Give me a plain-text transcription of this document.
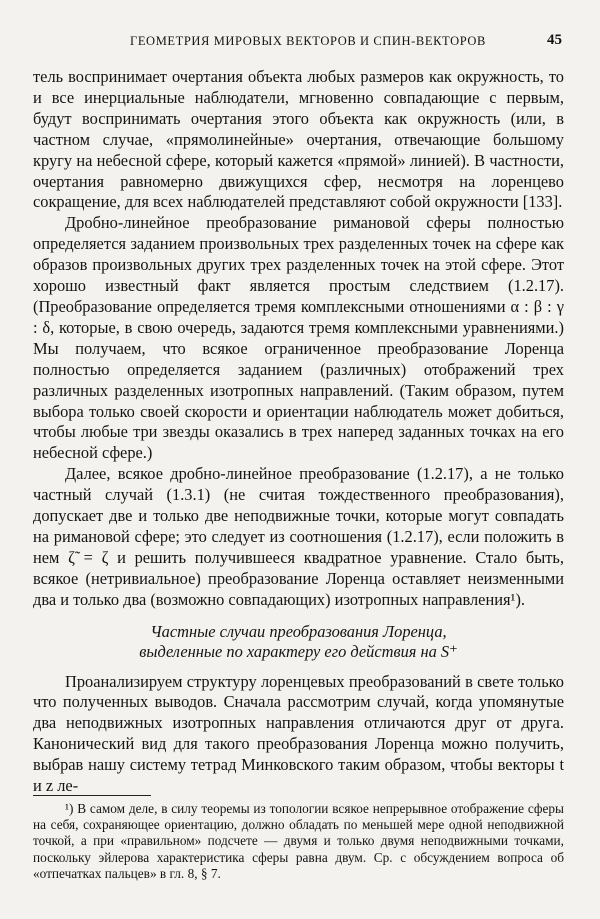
ГЕОМЕТРИЯ МИРОВЫХ ВЕКТОРОВ И СПИН-ВЕКТОРОВ	45

тель воспринимает очертания объекта любых размеров как окружность, то и все инерциальные наблюдатели, мгновенно совпадающие с первым, будут воспринимать очертания этого объекта как окружность (или, в частном случае, «прямолинейные» очертания, отвечающие большому кругу на небесной сфере, который кажется «прямой» линией). В частности, очертания равномерно движущихся сфер, несмотря на лоренцево сокращение, для всех наблюдателей представляют собой окружности [133].

Дробно-линейное преобразование римановой сферы полностью определяется заданием произвольных трех разделенных точек на сфере как образов произвольных других трех разделенных точек на этой сфере. Этот хорошо известный факт является простым следствием (1.2.17). (Преобразование определяется тремя комплексными отношениями α : β : γ : δ, которые, в свою очередь, задаются тремя комплексными уравнениями.) Мы получаем, что всякое ограниченное преобразование Лоренца полностью определяется заданием (различных) отображений трех различных разделенных изотропных направлений. (Таким образом, путем выбора только своей скорости и ориентации наблюдатель может добиться, чтобы любые три звезды оказались в трех наперед заданных точках на его небесной сфере.)

Далее, всякое дробно-линейное преобразование (1.2.17), а не только частный случай (1.3.1) (не считая тождественного преобразования), допускает две и только две неподвижные точки, которые могут совпадать на римановой сфере; это следует из соотношения (1.2.17), если положить в нем ζ̃ = ζ и решить получившееся квадратное уравнение. Стало быть, всякое (нетривиальное) преобразование Лоренца оставляет неизменными два и только два (возможно совпадающих) изотропных направления¹).

Частные случаи преобразования Лоренца,
выделенные по характеру его действия на S⁺

Проанализируем структуру лоренцевых преобразований в свете только что полученных выводов. Сначала рассмотрим случай, когда упомянутые два неподвижных изотропных направления отличаются друг от друга. Канонический вид для такого преобразования Лоренца можно получить, выбрав нашу систему тетрад Минковского таким образом, чтобы векторы t и z ле-

¹) В самом деле, в силу теоремы из топологии всякое непрерывное отображение сферы на себя, сохраняющее ориентацию, должно обладать по меньшей мере одной неподвижной точкой, а при «правильном» подсчете — двумя и только двумя неподвижными точками, поскольку эйлерова характеристика сферы равна двум. Ср. с обсуждением вопроса об «отпечатках пальцев» в гл. 8, § 7.
